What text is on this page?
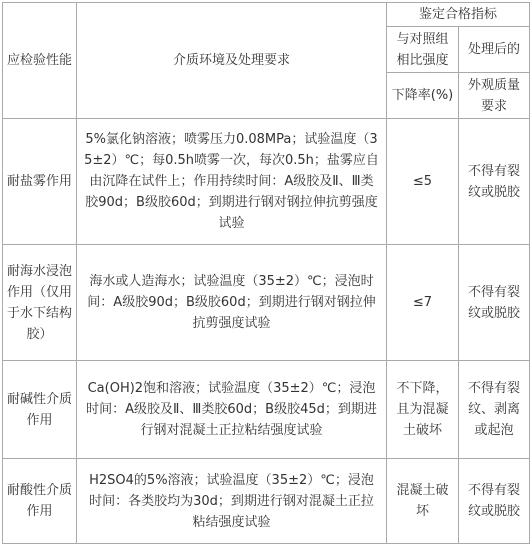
应检验性能	介质环境及处理要求	鉴定合格指标	
		与对照组相比强度	处理后的
		下降率(%)	外观质量要求
耐盐雾作用	5%氯化钠溶液；喷雾压力0.08MPa；试验温度（35±2）℃；每0.5h喷雾一次，每次0.5h；盐雾应自由沉降在试件上；作用持续时间：A级胶及Ⅱ、Ⅲ类胶90d；B级胶60d；到期进行钢对钢拉伸抗剪强度试验	≤5	不得有裂纹或脱胶
耐海水浸泡作用（仅用于水下结构胶）	海水或人造海水；试验温度（35±2）℃；浸泡时间：A级胶90d；B级胶60d；到期进行钢对钢拉伸抗剪强度试验	≤7	不得有裂纹或脱胶
耐碱性介质作用	Ca(OH)2饱和溶液；试验温度（35±2）℃；浸泡时间：A级胶及Ⅱ、Ⅲ类胶60d；B级胶45d；到期进行钢对混凝土正拉粘结强度试验	不下降，且为混凝土破坏	不得有裂纹、剥离或起泡
耐酸性介质作用	H2SO4的5%溶液；试验温度（35±2）℃；浸泡时间：各类胶均为30d；到期进行钢对混凝土正拉粘结强度试验	混凝土破坏	不得有裂纹或脱胶
